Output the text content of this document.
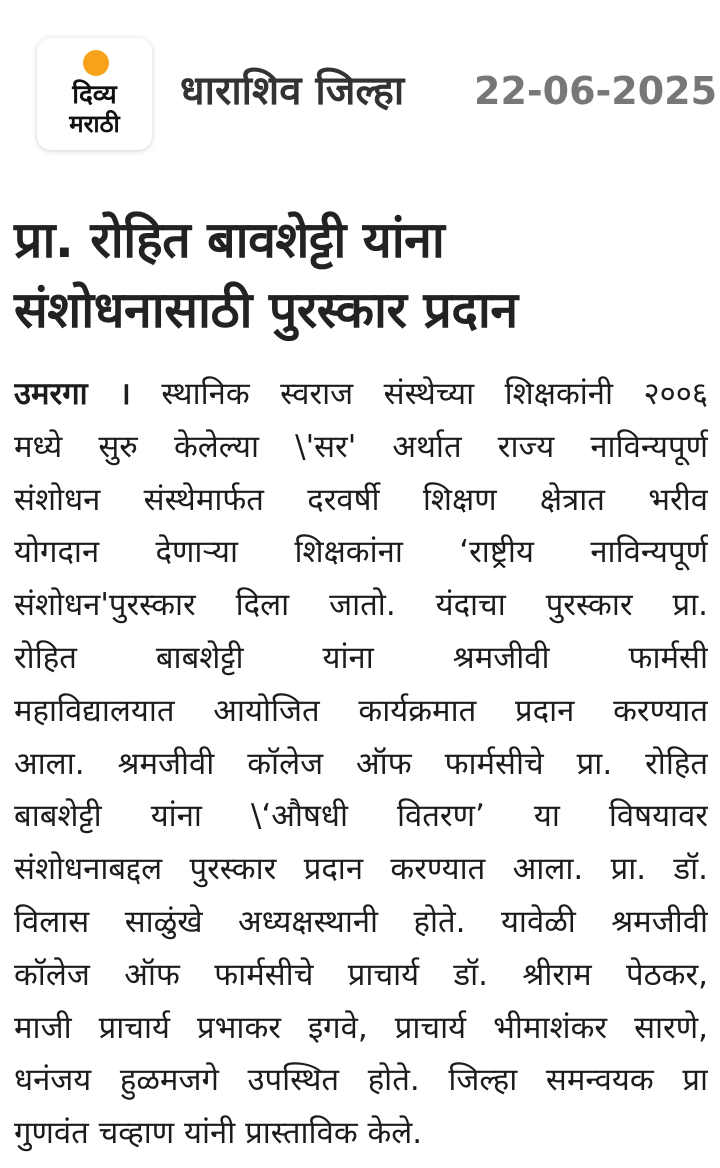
दिव्य
मराठी
धाराशिव जिल्हा 22-06-2025
प्रा. रोहित बावशेट्टी यांना
संशोधनासाठी पुरस्कार प्रदान
उमरगा । स्थानिक स्वराज संस्थेच्या शिक्षकांनी २००६
मध्ये सुरु केलेल्या \'सर' अर्थात राज्य नाविन्यपूर्ण
संशोधन संस्थेमार्फत दरवर्षी शिक्षण क्षेत्रात भरीव
योगदान देणाऱ्या शिक्षकांना ‘राष्ट्रीय नाविन्यपूर्ण
संशोधन'पुरस्कार दिला जातो. यंदाचा पुरस्कार प्रा.
रोहित बाबशेट्टी यांना श्रमजीवी फार्मसी
महाविद्यालयात आयोजित कार्यक्रमात प्रदान करण्यात
आला. श्रमजीवी कॉलेज ऑफ फार्मसीचे प्रा. रोहित
बाबशेट्टी यांना \‘औषधी वितरण’ या विषयावर
संशोधनाबद्दल पुरस्कार प्रदान करण्यात आला. प्रा. डॉ.
विलास साळुंखे अध्यक्षस्थानी होते. यावेळी श्रमजीवी
कॉलेज ऑफ फार्मसीचे प्राचार्य डॉ. श्रीराम पेठकर,
माजी प्राचार्य प्रभाकर इगवे, प्राचार्य भीमाशंकर सारणे,
धनंजय हुळमजगे उपस्थित होते. जिल्हा समन्वयक प्रा
गुणवंत चव्हाण यांनी प्रास्ताविक केले.
